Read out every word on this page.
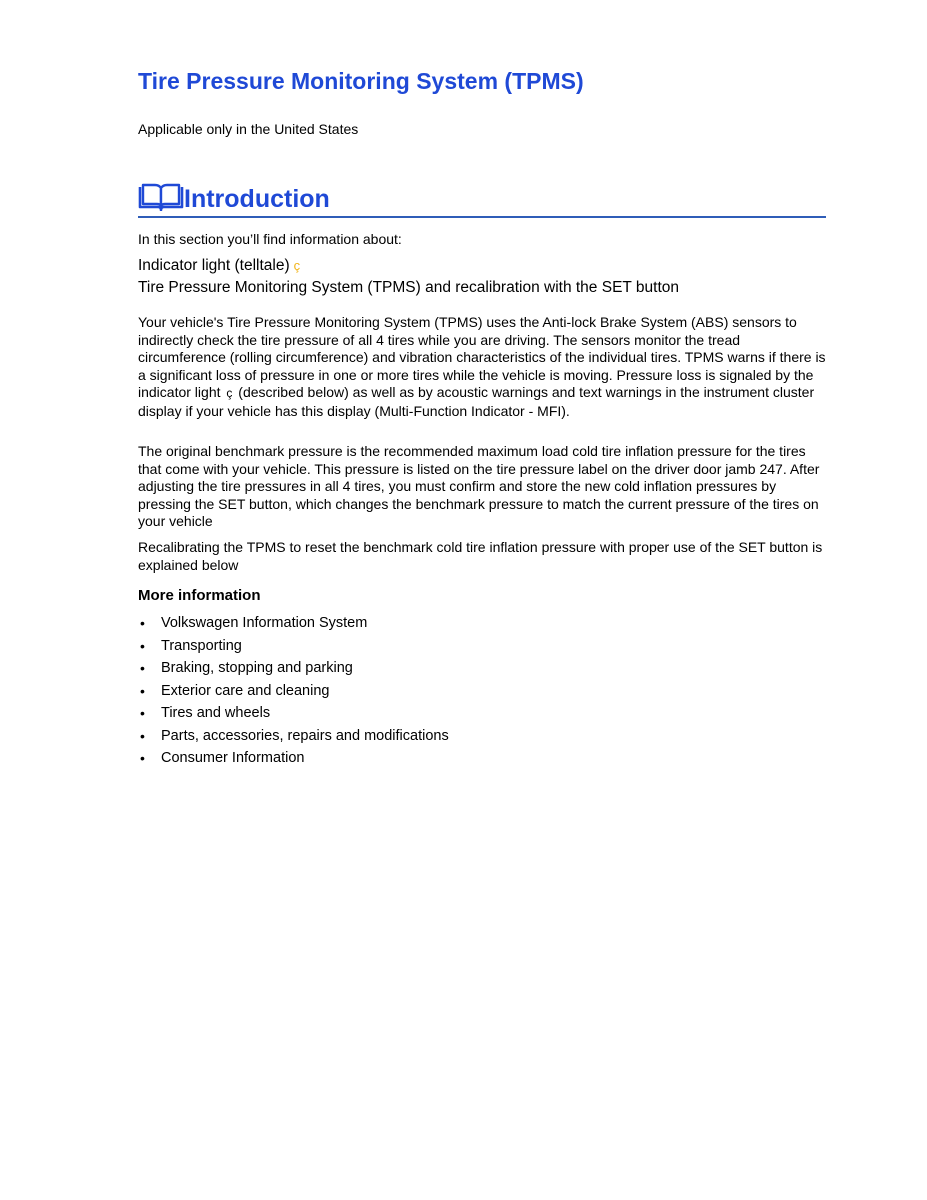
Tire Pressure Monitoring System (TPMS)
Applicable only in the United States
Introduction
In this section you’ll find information about:
Indicator light (telltale) ç
Tire Pressure Monitoring System (TPMS) and recalibration with the SET button

Your vehicle's Tire Pressure Monitoring System (TPMS) uses the Anti-lock Brake System (ABS) sensors to indirectly check the tire pressure of all 4 tires while you are driving. The sensors monitor the tread circumference (rolling circumference) and vibration characteristics of the individual tires. TPMS warns if there is a significant loss of pressure in one or more tires while the vehicle is moving. Pressure loss is signaled by the indicator light ç (described below) as well as by acoustic warnings and text warnings in the instrument cluster display if your vehicle has this display (Multi-Function Indicator - MFI).

The original benchmark pressure is the recommended maximum load cold tire inflation pressure for the tires that come with your vehicle. This pressure is listed on the tire pressure label on the driver door jamb 247. After adjusting the tire pressures in all 4 tires, you must confirm and store the new cold inflation pressures by pressing the SET button, which changes the benchmark pressure to match the current pressure of the tires on your vehicle

Recalibrating the TPMS to reset the benchmark cold tire inflation pressure with proper use of the SET button is explained below

More information
• Volkswagen Information System
• Transporting
• Braking, stopping and parking
• Exterior care and cleaning
• Tires and wheels
• Parts, accessories, repairs and modifications
• Consumer Information
